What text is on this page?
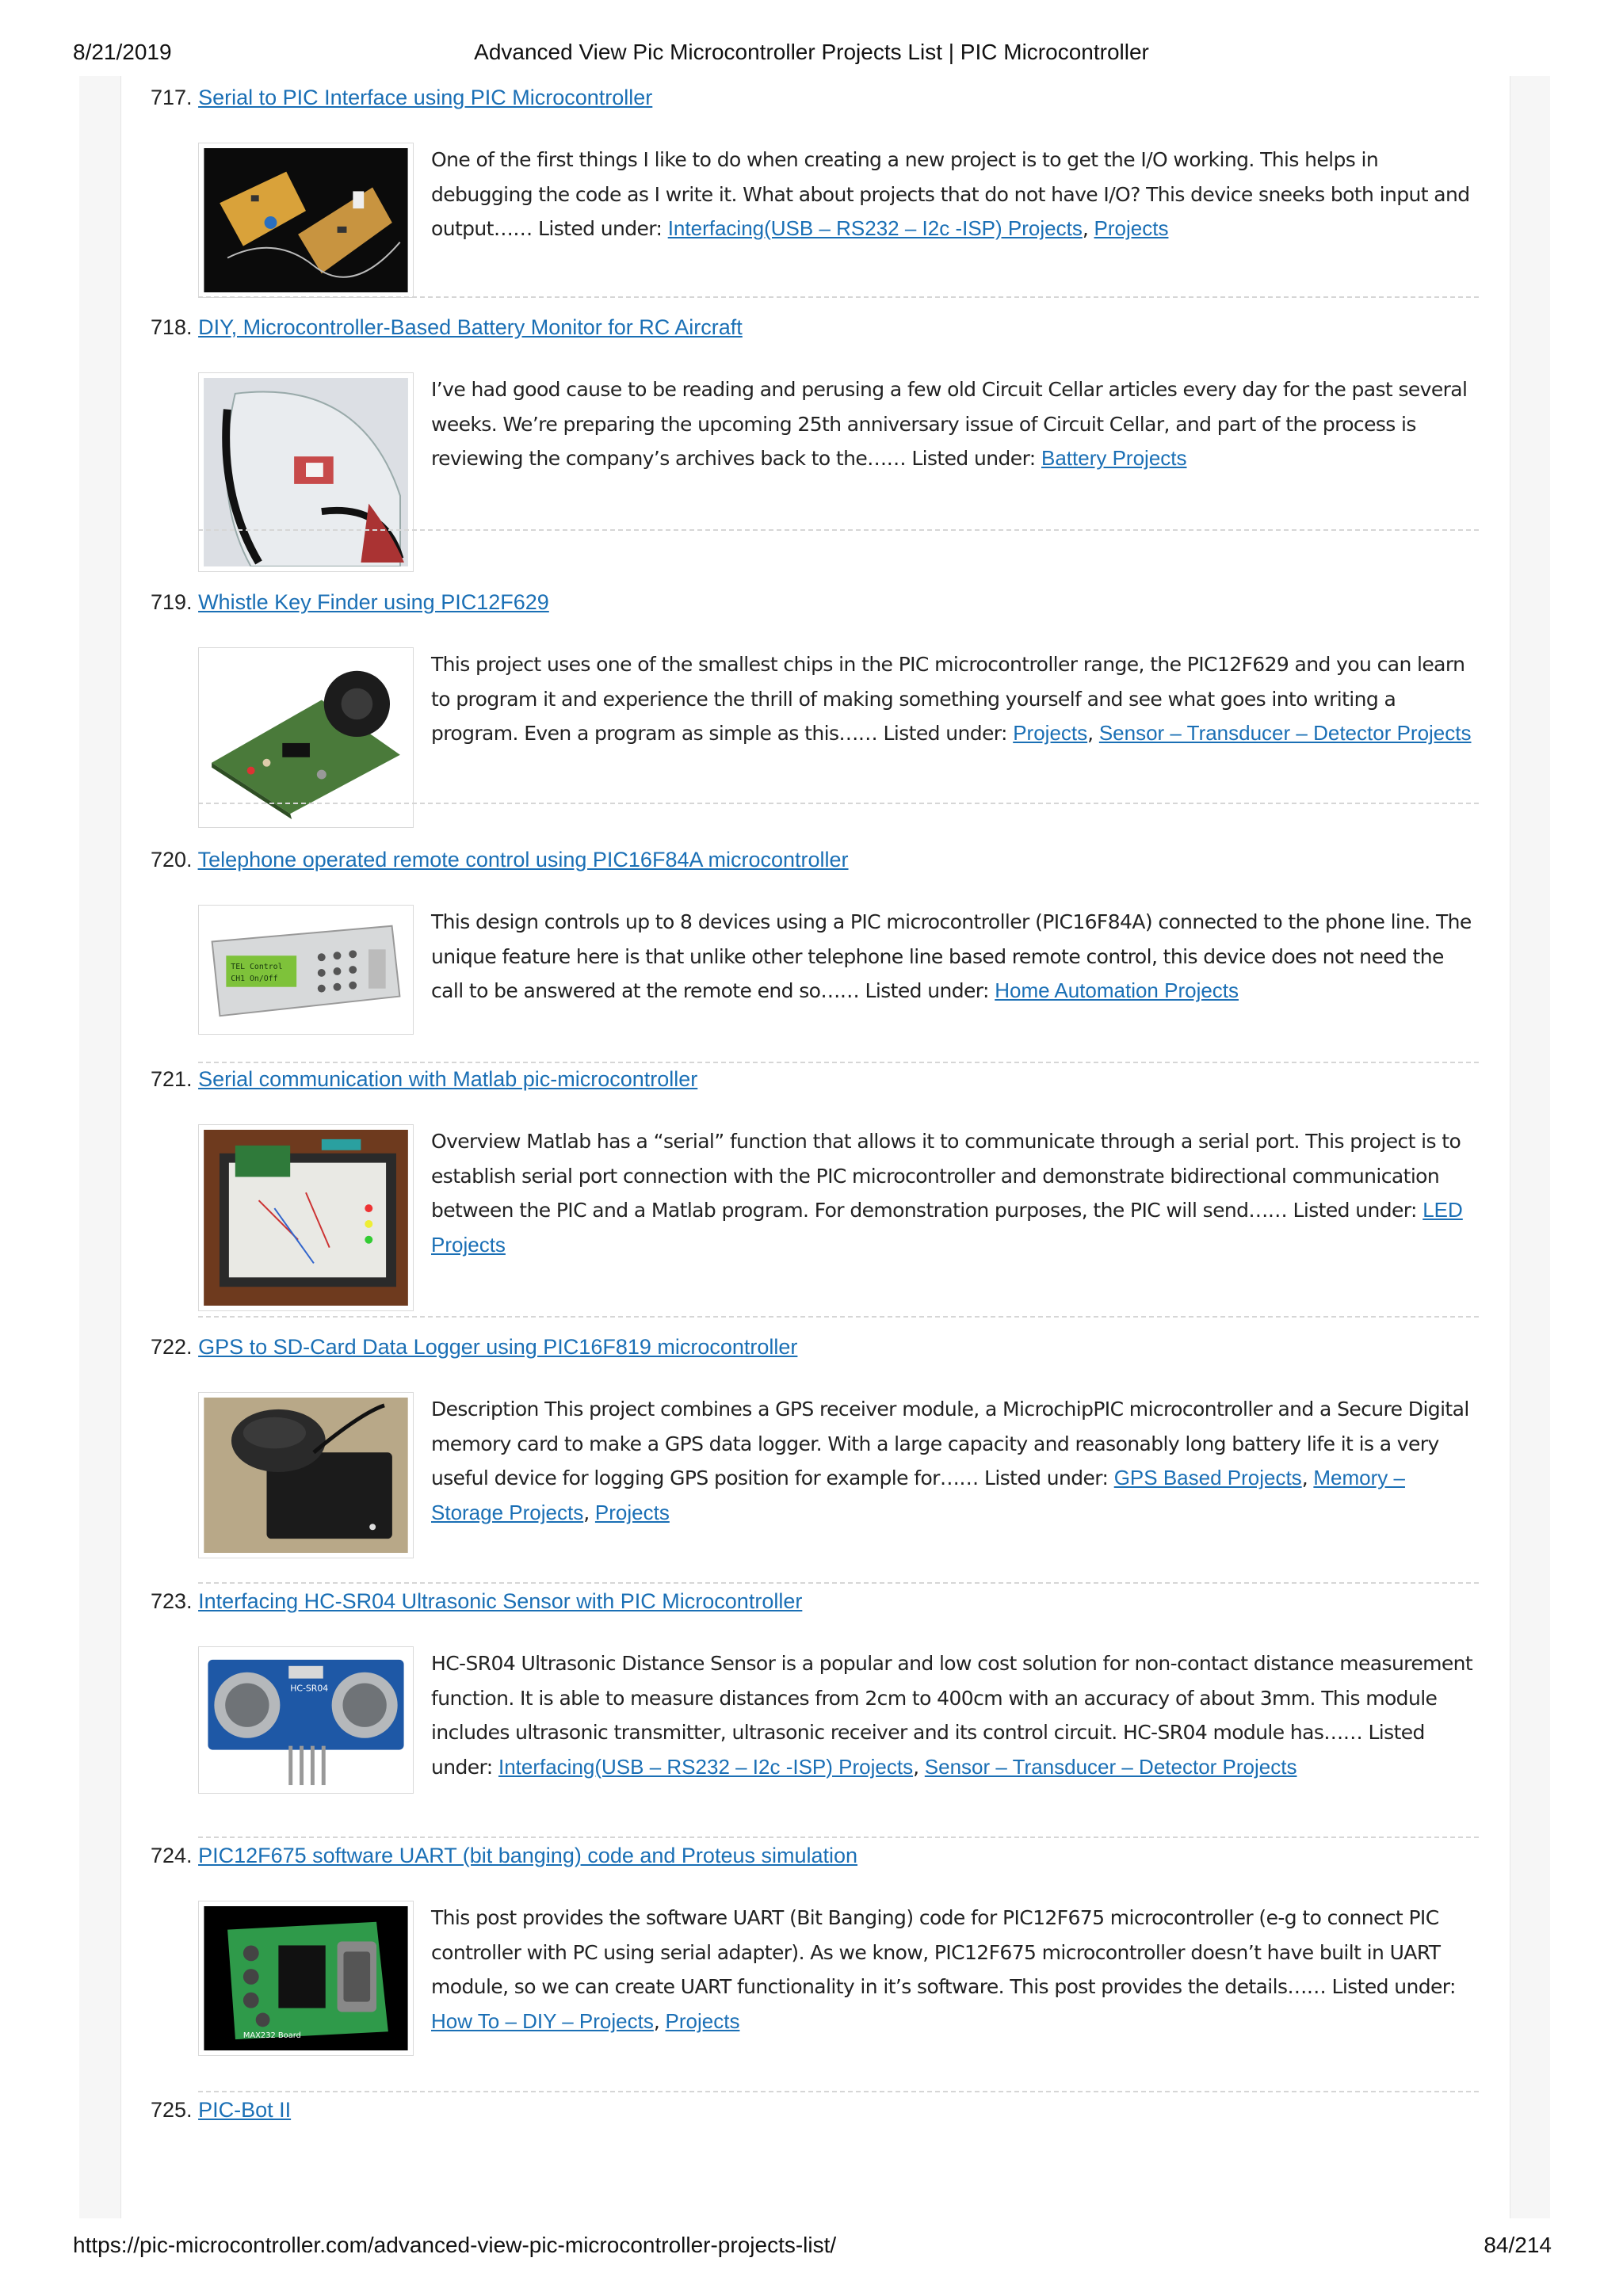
8/21/2019	Advanced View Pic Microcontroller Projects List | PIC Microcontroller
717. Serial to PIC Interface using PIC Microcontroller
One of the first things I like to do when creating a new project is to get the I/O working. This helps in debugging the code as I write it. What about projects that do not have I/O? This device sneeks both input and output…… Listed under: Interfacing(USB – RS232 – I2c -ISP) Projects, Projects
718. DIY, Microcontroller-Based Battery Monitor for RC Aircraft
I’ve had good cause to be reading and perusing a few old Circuit Cellar articles every day for the past several weeks. We’re preparing the upcoming 25th anniversary issue of Circuit Cellar, and part of the process is reviewing the company’s archives back to the…… Listed under: Battery Projects
719. Whistle Key Finder using PIC12F629
This project uses one of the smallest chips in the PIC microcontroller range, the PIC12F629 and you can learn to program it and experience the thrill of making something yourself and see what goes into writing a program. Even a program as simple as this…… Listed under: Projects, Sensor – Transducer – Detector Projects
720. Telephone operated remote control using PIC16F84A microcontroller
TEL Control
CH1 On/Off
This design controls up to 8 devices using a PIC microcontroller (PIC16F84A) connected to the phone line. The unique feature here is that unlike other telephone line based remote control, this device does not need the call to be answered at the remote end so…… Listed under: Home Automation Projects
721. Serial communication with Matlab pic-microcontroller
Overview Matlab has a “serial” function that allows it to communicate through a serial port. This project is to establish serial port connection with the PIC microcontroller and demonstrate bidirectional communication between the PIC and a Matlab program. For demonstration purposes, the PIC will send…… Listed under: LED Projects
722. GPS to SD-Card Data Logger using PIC16F819 microcontroller
Description This project combines a GPS receiver module, a MicrochipPIC microcontroller and a Secure Digital memory card to make a GPS data logger. With a large capacity and reasonably long battery life it is a very useful device for logging GPS position for example for…… Listed under: GPS Based Projects, Memory – Storage Projects, Projects
723. Interfacing HC-SR04 Ultrasonic Sensor with PIC Microcontroller
HC-SR04
HC-SR04 Ultrasonic Distance Sensor is a popular and low cost solution for non-contact distance measurement function. It is able to measure distances from 2cm to 400cm with an accuracy of about 3mm. This module includes ultrasonic transmitter, ultrasonic receiver and its control circuit. HC-SR04 module has…… Listed under: Interfacing(USB – RS232 – I2c -ISP) Projects, Sensor – Transducer – Detector Projects
724. PIC12F675 software UART (bit banging) code and Proteus simulation
MAX232 Board
This post provides the software UART (Bit Banging) code for PIC12F675 microcontroller (e-g to connect PIC controller with PC using serial adapter). As we know, PIC12F675 microcontroller doesn’t have built in UART module, so we can create UART functionality in it’s software. This post provides the details…… Listed under: How To – DIY – Projects, Projects
725. PIC-Bot II
https://pic-microcontroller.com/advanced-view-pic-microcontroller-projects-list/	84/214
